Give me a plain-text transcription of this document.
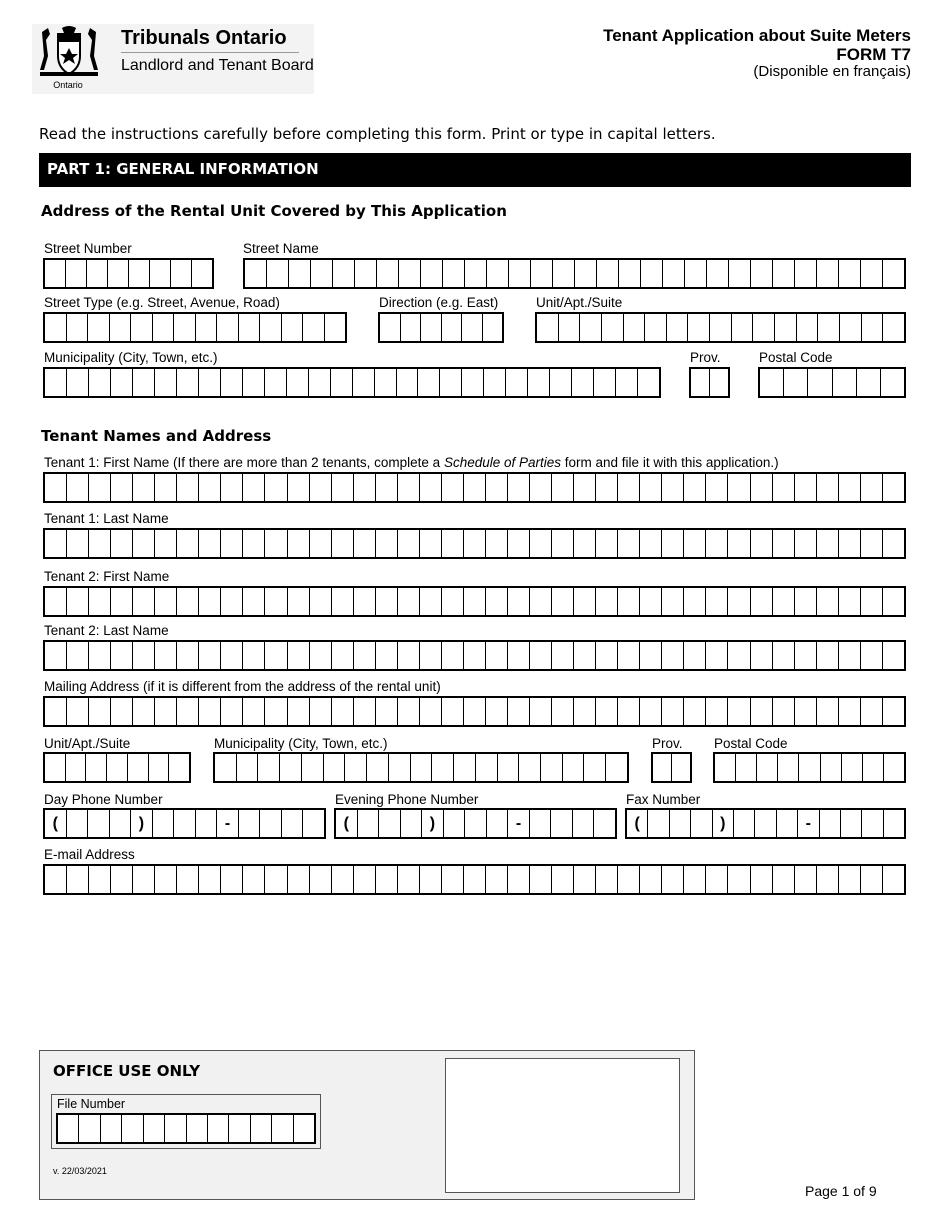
Ontario
Tribunals Ontario
Landlord and Tenant Board
Tenant Application about Suite Meters
FORM T7
(Disponible en français)
Read the instructions carefully before completing this form. Print or type in capital letters.
PART 1: GENERAL INFORMATION
Address of the Rental Unit Covered by This Application
Street Number	Street Name
Street Type (e.g. Street, Avenue, Road)	Direction (e.g. East)	Unit/Apt./Suite
Municipality (City, Town, etc.)	Prov.	Postal Code
Tenant Names and Address
Tenant 1: First Name (If there are more than 2 tenants, complete a Schedule of Parties form and file it with this application.)
Tenant 1: Last Name
Tenant 2: First Name
Tenant 2: Last Name
Mailing Address (if it is different from the address of the rental unit)
Unit/Apt./Suite	Municipality (City, Town, etc.)	Prov. Postal Code
Day Phone Number	Evening Phone Number	Fax Number
(	)	-	(	)	-	(	)	-
E-mail Address
OFFICE USE ONLY
File Number
v. 22/03/2021
Page 1 of 9
